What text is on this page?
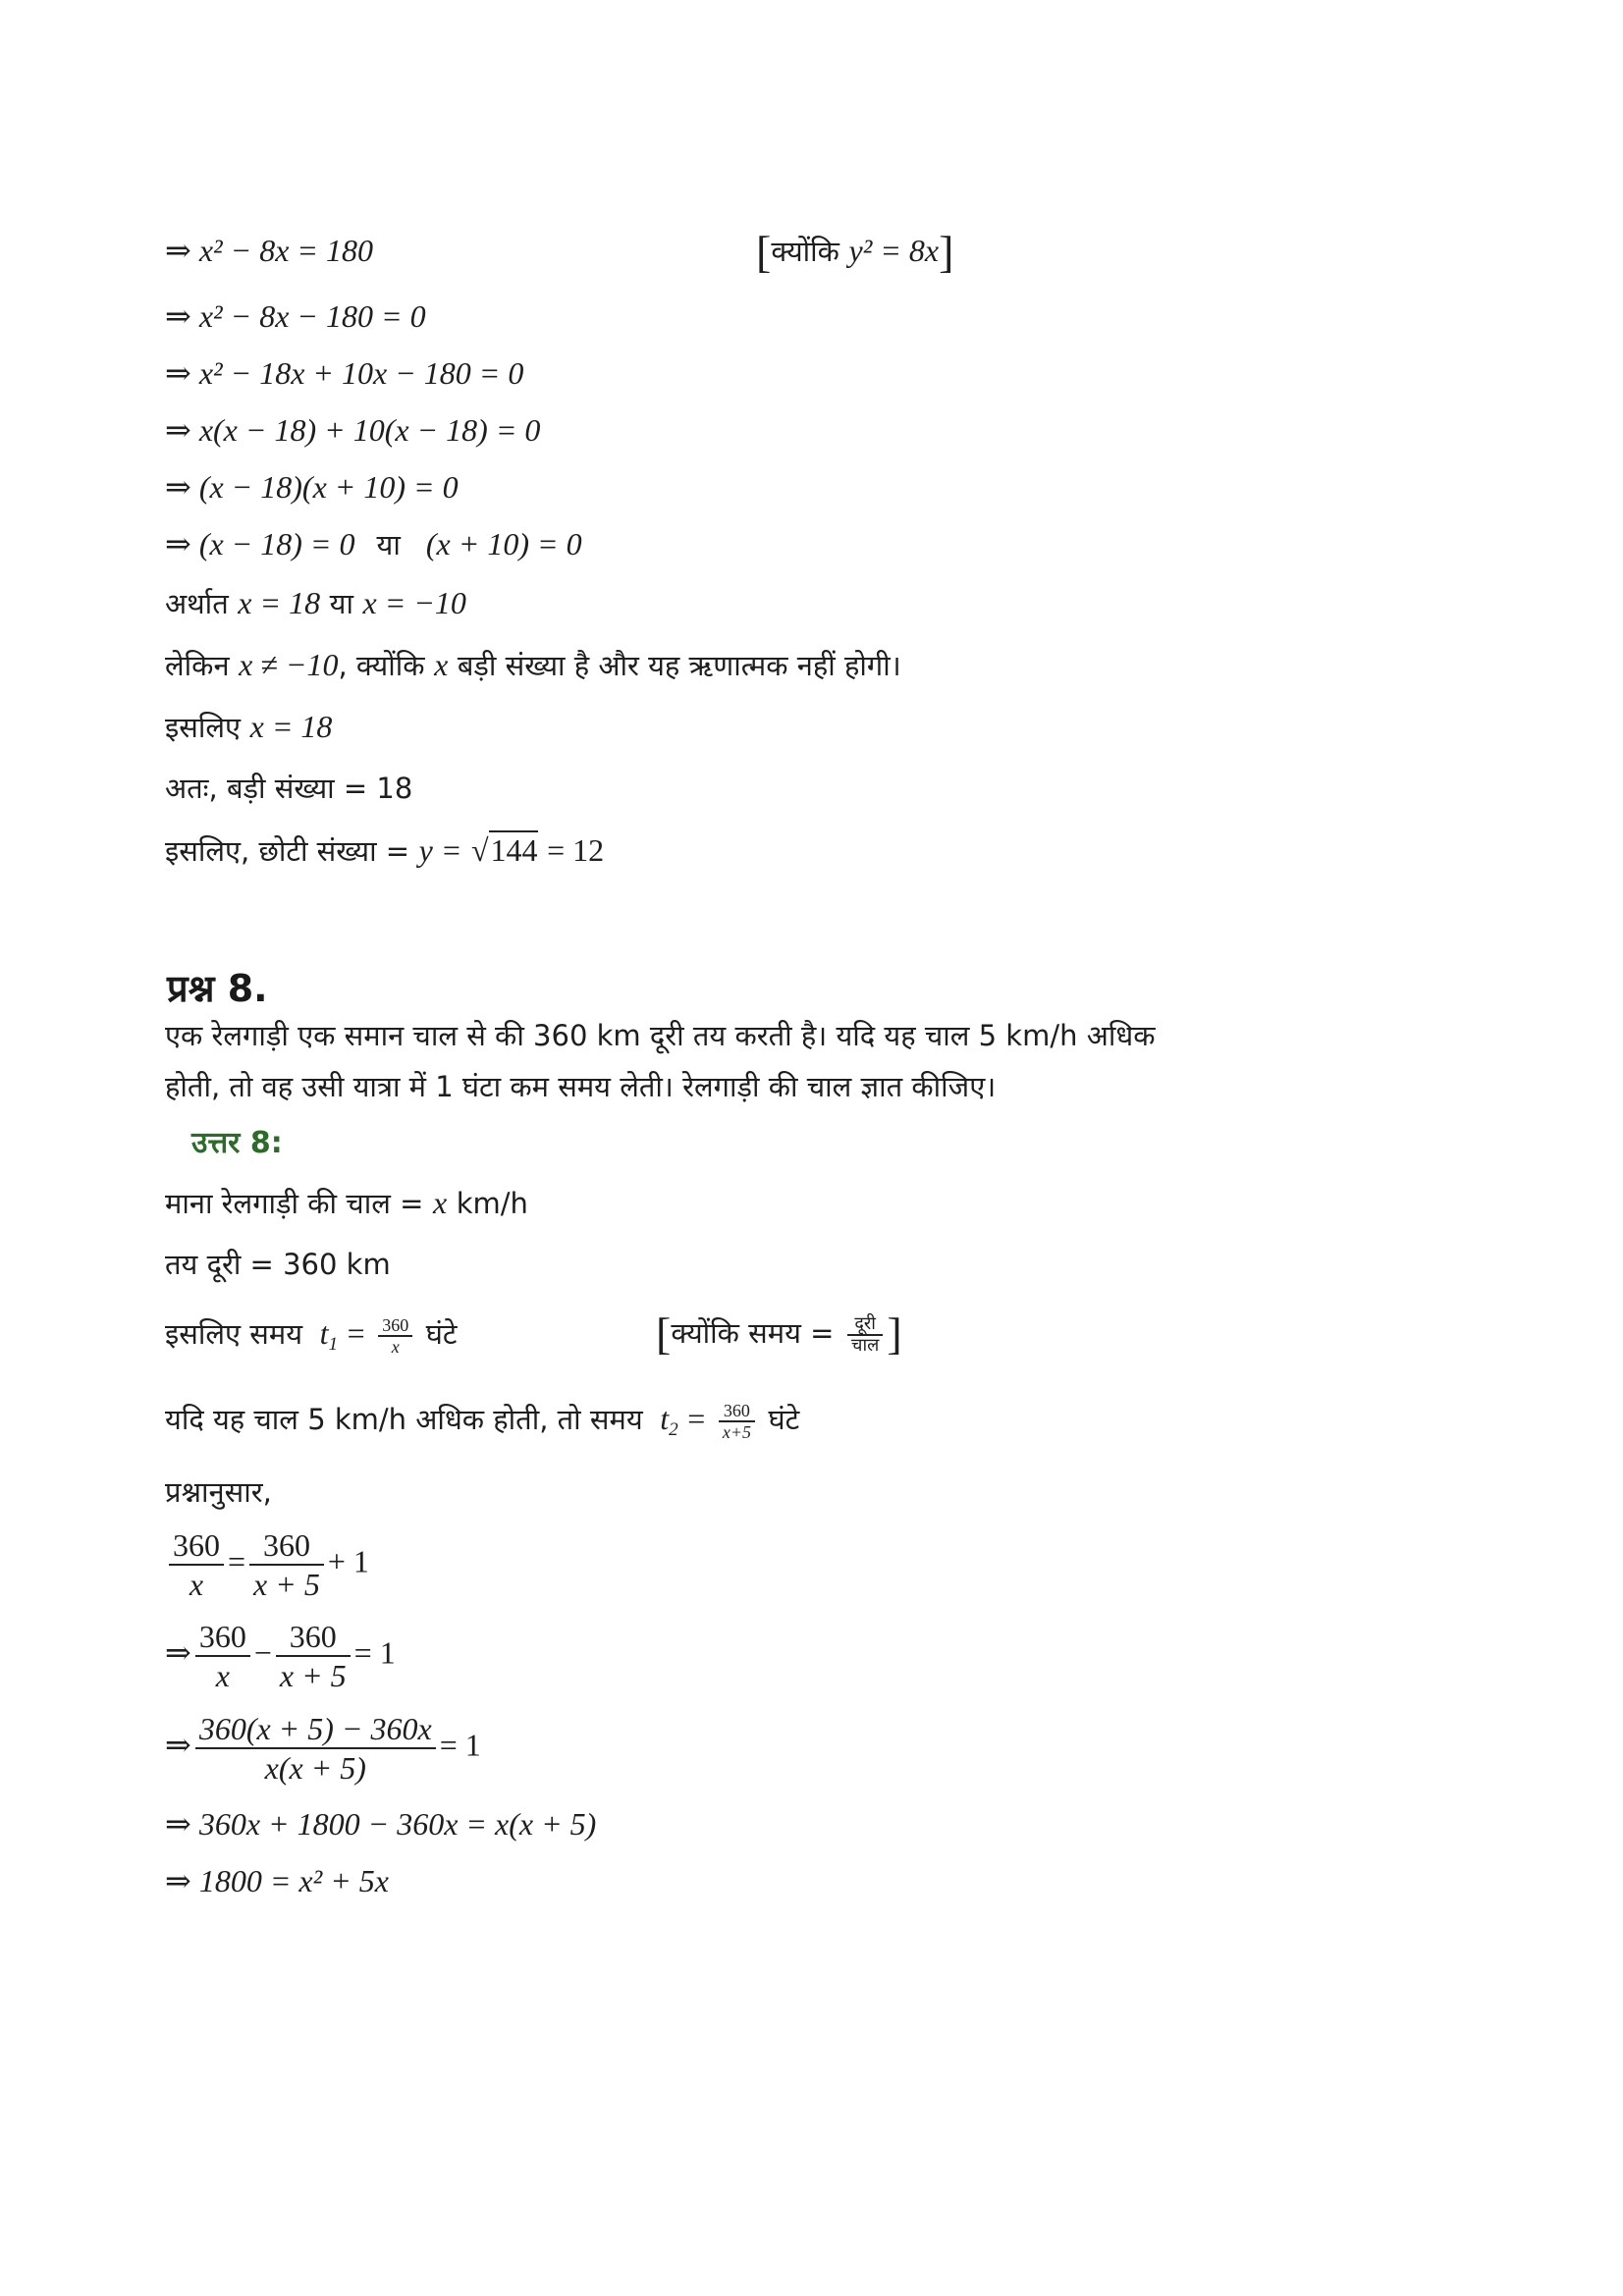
⇒ x² − 8x = 180	[क्योंकि y² = 8x]
⇒ x² − 8x − 180 = 0
⇒ x² − 18x + 10x − 180 = 0
⇒ x(x − 18) + 10(x − 18) = 0
⇒ (x − 18)(x + 10) = 0
⇒ (x − 18) = 0 या (x + 10) = 0
अर्थात x = 18 या x = −10
लेकिन x ≠ −10, क्योंकि x बड़ी संख्या है और यह ऋणात्मक नहीं होगी।
इसलिए x = 18
अतः, बड़ी संख्या = 18
इसलिए, छोटी संख्या = y = √144 = 12
प्रश्न 8.
एक रेलगाड़ी एक समान चाल से की 360 km दूरी तय करती है। यदि यह चाल 5 km/h अधिक
होती, तो वह उसी यात्रा में 1 घंटा कम समय लेती। रेलगाड़ी की चाल ज्ञात कीजिए।
उत्तर 8:
माना रेलगाड़ी की चाल = x km/h
तय दूरी = 360 km
इसलिए समय $t_1 = \frac{360}{x}$ घंटे	[क्योंकि समय = $\frac{\text{दूरी}}{\text{चाल}}$ ]
यदि यह चाल 5 km/h अधिक होती, तो समय $t_2 = \frac{360}{x+5}$ घंटे
प्रश्नानुसार,
$\frac{360}{x} = \frac{360}{x + 5} + 1$
⇒ $\frac{360}{x} - \frac{360}{x + 5} = 1$
⇒ $\frac{360(x + 5) - 360x}{x(x + 5)} = 1$
⇒ 360x + 1800 − 360x = x(x + 5)
⇒ 1800 = x² + 5x
